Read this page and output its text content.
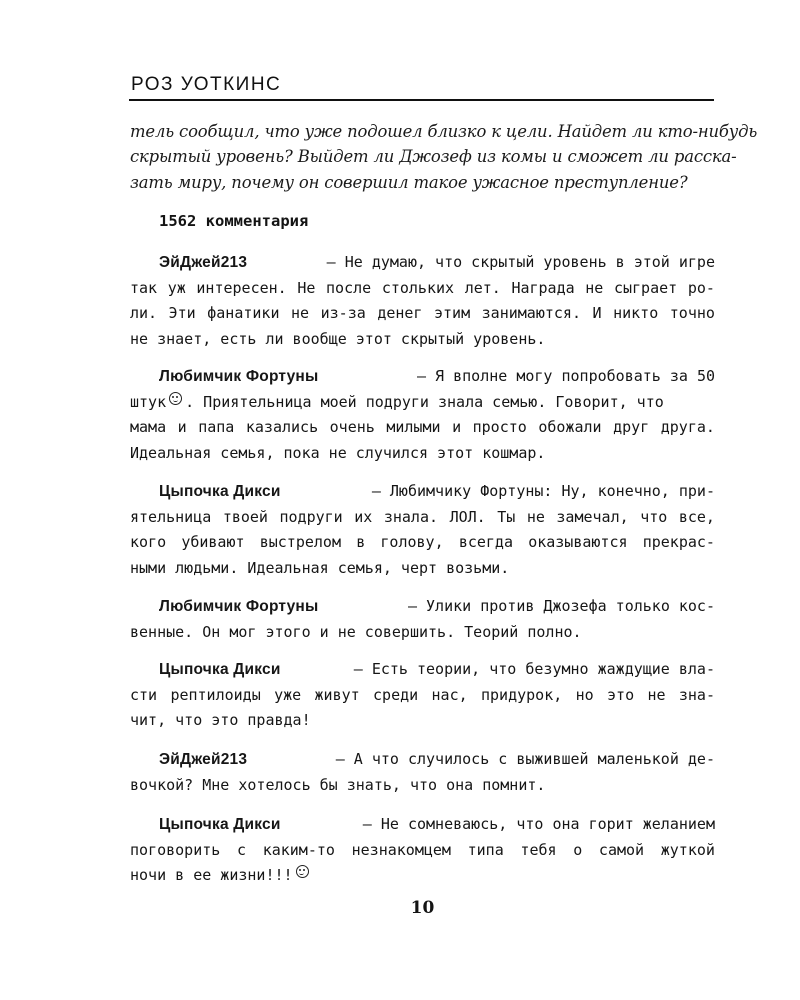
РОЗ УОТКИНС
тель сообщил, что уже подошел близко к цели. Найдет ли кто-нибудь
скрытый уровень? Выйдет ли Джозеф из комы и сможет ли расска-
зать миру, почему он совершил такое ужасное преступление?
1562 комментария
ЭйДжей213	— Не думаю, что скрытый уровень в этой игре
так уж интересен. Не после стольких лет. Награда не сыграет ро-
ли. Эти фанатики не из-за денег этим занимаются. И никто точно
не знает, есть ли вообще этот скрытый уровень.
Любимчик Фортуны	— Я вполне могу попробовать за 50
штук . Приятельница моей подруги знала семью. Говорит, что
мама и папа казались очень милыми и просто обожали друг друга.
Идеальная семья, пока не случился этот кошмар.
Цыпочка Дикси	— Любимчику Фортуны: Ну, конечно, при-
ятельница твоей подруги их знала. ЛОЛ. Ты не замечал, что все,
кого убивают выстрелом в голову, всегда оказываются прекрас-
ными людьми. Идеальная семья, черт возьми.
Любимчик Фортуны	— Улики против Джозефа только кос-
венные. Он мог этого и не совершить. Теорий полно.
Цыпочка Дикси	— Есть теории, что безумно жаждущие вла-
сти рептилоиды уже живут среди нас, придурок, но это не зна-
чит, что это правда!
ЭйДжей213	— А что случилось с выжившей маленькой де-
вочкой? Мне хотелось бы знать, что она помнит.
Цыпочка Дикси	— Не сомневаюсь, что она горит желанием
поговорить с каким-то незнакомцем типа тебя о самой жуткой
ночи в ее жизни!!!
10
